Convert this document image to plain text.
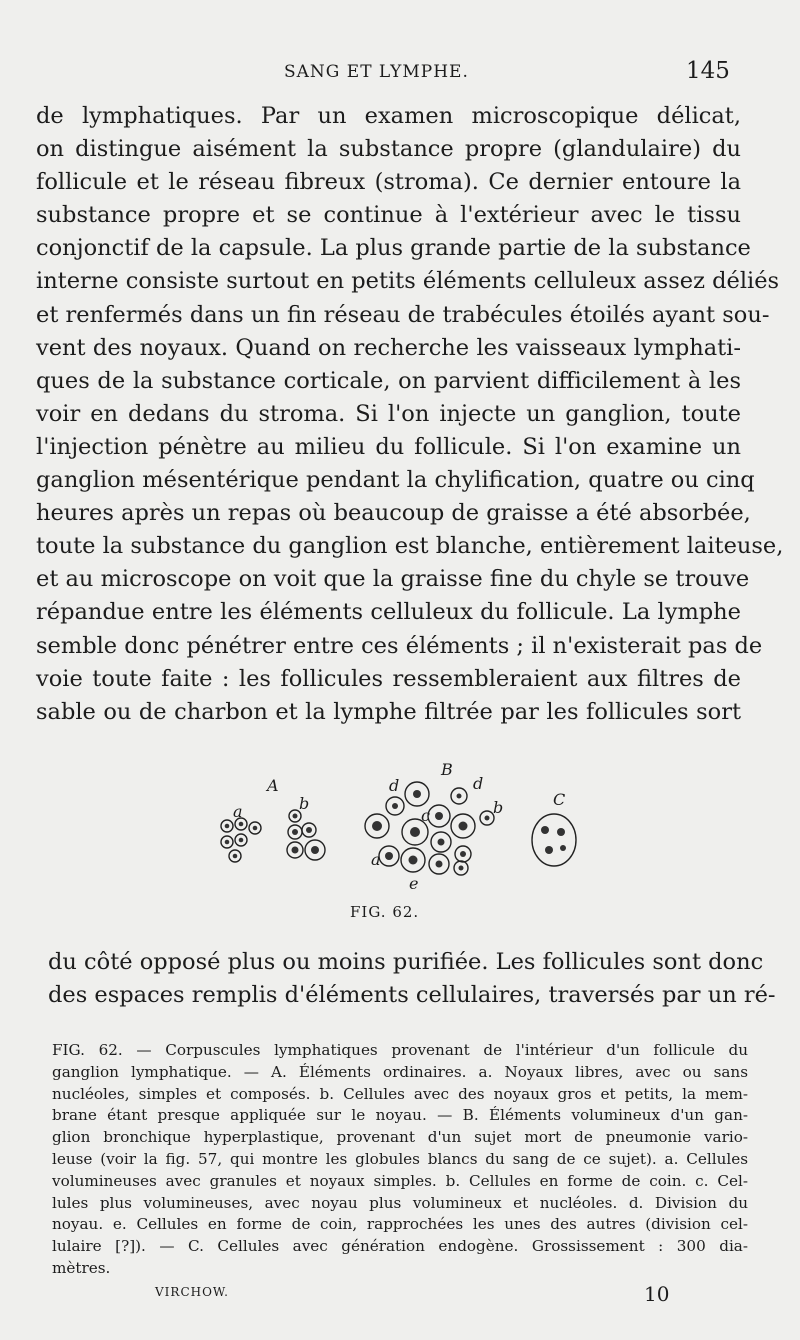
SANG ET LYMPHE.	145
de lymphatiques. Par un examen microscopique délicat,
on distingue aisément la substance propre (glandulaire) du
follicule et le réseau fibreux (stroma). Ce dernier entoure la
substance propre et se continue à l'extérieur avec le tissu
conjonctif de la capsule. La plus grande partie de la substance
interne consiste surtout en petits éléments celluleux assez déliés
et renfermés dans un fin réseau de trabécules étoilés ayant sou-
vent des noyaux. Quand on recherche les vaisseaux lymphati-
ques de la substance corticale, on parvient difficilement à les
voir en dedans du stroma. Si l'on injecte un ganglion, toute
l'injection pénètre au milieu du follicule. Si l'on examine un
ganglion mésentérique pendant la chylification, quatre ou cinq
heures après un repas où beaucoup de graisse a été absorbée,
toute la substance du ganglion est blanche, entièrement laiteuse,
et au microscope on voit que la graisse fine du chyle se trouve
répandue entre les éléments celluleux du follicule. La lymphe
semble donc pénétrer entre ces éléments ; il n'existerait pas de
voie toute faite : les follicules ressembleraient aux filtres de
sable ou de charbon et la lymphe filtrée par les follicules sort
A
a	b
B
d	d
c	b
a
e
C
FIG. 62.
du côté opposé plus ou moins purifiée. Les follicules sont donc
des espaces remplis d'éléments cellulaires, traversés par un ré-
FIG. 62. — Corpuscules lymphatiques provenant de l'intérieur d'un follicule du
ganglion lymphatique. — A. Éléments ordinaires. a. Noyaux libres, avec ou sans
nucléoles, simples et composés. b. Cellules avec des noyaux gros et petits, la mem-
brane étant presque appliquée sur le noyau. — B. Éléments volumineux d'un gan-
glion bronchique hyperplastique, provenant d'un sujet mort de pneumonie vario-
leuse (voir la fig. 57, qui montre les globules blancs du sang de ce sujet). a. Cellules
volumineuses avec granules et noyaux simples. b. Cellules en forme de coin. c. Cel-
lules plus volumineuses, avec noyau plus volumineux et nucléoles. d. Division du
noyau. e. Cellules en forme de coin, rapprochées les unes des autres (division cel-
lulaire [?]). — C. Cellules avec génération endogène. Grossissement : 300 dia-
mètres.
VIRCHOW.	10
